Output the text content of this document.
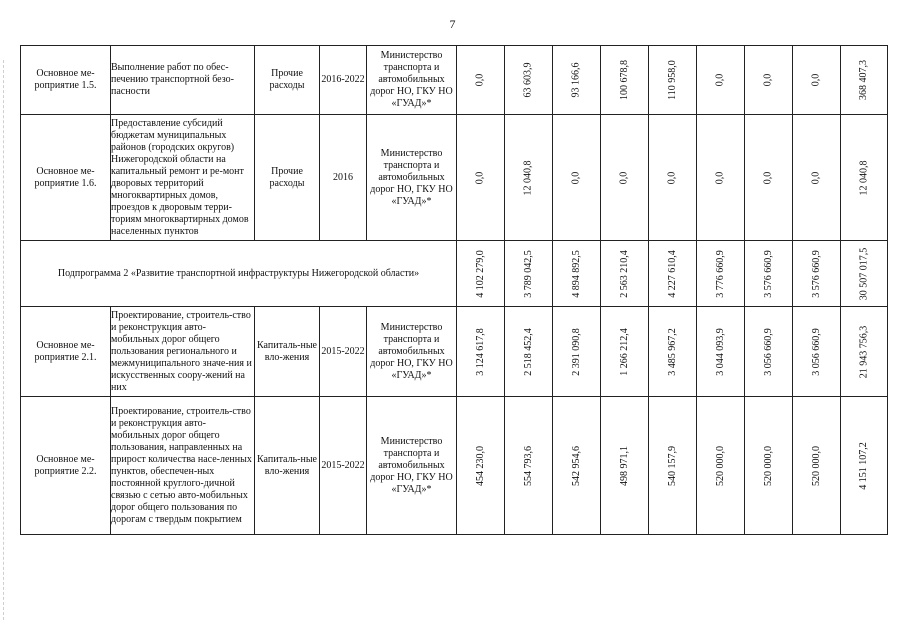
7
Основное ме-роприятие 1.5.	Выполнение работ по обес-печению транспортной безо-пасности	Прочие расходы	2016-2022	Министерство транспорта и автомобильных дорог НО, ГКУ НО «ГУАД»*	0,0	63 603,9	93 166,6	100 678,8	110 958,0	0,0	0,0	0,0	368 407,3

Основное ме-роприятие 1.6.	Предоставление субсидий бюджетам муниципальных районов (городских округов) Нижегородской области на капитальный ремонт и ре-монт дворовых территорий многоквартирных домов, проездов к дворовым терри-ториям многоквартирных домов населенных пунктов	Прочие расходы	2016	Министерство транспорта и автомобильных дорог НО, ГКУ НО «ГУАД»*	0,0	12 040,8	0,0	0,0	0,0	0,0	0,0	0,0	12 040,8

Подпрограмма 2 «Развитие транспортной инфраструктуры Нижегородской области»					4 102 279,0	3 789 042,5	4 894 892,5	2 563 210,4	4 227 610,4	3 776 660,9	3 576 660,9	3 576 660,9	30 507 017,5

Основное ме-роприятие 2.1.	Проектирование, строитель-ство и реконструкция авто-мобильных дорог общего пользования регионального и межмуниципального значе-ния и искусственных соору-жений на них	Капиталь-ные вло-жения	2015-2022	Министерство транспорта и автомобильных дорог НО, ГКУ НО «ГУАД»*	3 124 617,8	2 518 452,4	2 391 090,8	1 266 212,4	3 485 967,2	3 044 093,9	3 056 660,9	3 056 660,9	21 943 756,3

Основное ме-роприятие 2.2.	Проектирование, строитель-ство и реконструкция авто-мобильных дорог общего пользования, направленных на прирост количества насе-ленных пунктов, обеспечен-ных постоянной круглого-дичной связью с сетью авто-мобильных дорог общего пользования по дорогам с твердым покрытием	Капиталь-ные вло-жения	2015-2022	Министерство транспорта и автомобильных дорог НО, ГКУ НО «ГУАД»*	454 230,0	554 793,6	542 954,6	498 971,1	540 157,9	520 000,0	520 000,0	520 000,0	4 151 107,2
